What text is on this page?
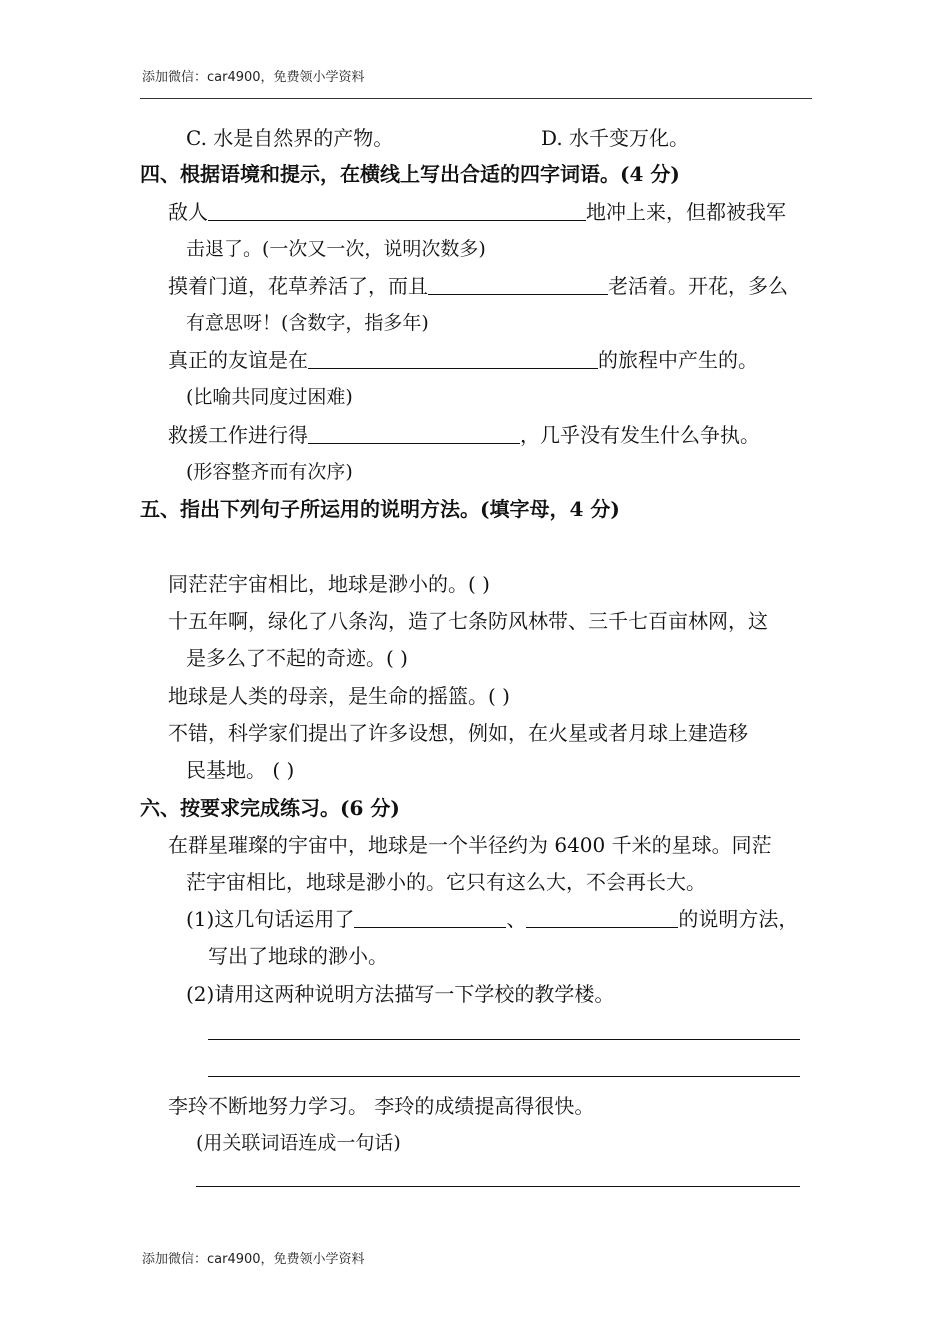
添加微信：car4900，免费领小学资料
C. 水是自然界的产物。	D. 水千变万化。
四、根据语境和提示，在横线上写出合适的四字词语。(4 分)
敌人	地冲上来，但都被我军
击退了。(一次又一次，说明次数多)
摸着门道，花草养活了，而且	老活着。开花，多么
有意思呀！(含数字，指多年)
真正的友谊是在	的旅程中产生的。
(比喻共同度过困难)
救援工作进行得	，几乎没有发生什么争执。
(形容整齐而有次序)
五、指出下列句子所运用的说明方法。(填字母，4 分)
同茫茫宇宙相比，地球是渺小的。( )
十五年啊，绿化了八条沟，造了七条防风林带、三千七百亩林网，这
是多么了不起的奇迹。( )
地球是人类的母亲，是生命的摇篮。( )
不错，科学家们提出了许多设想，例如，在火星或者月球上建造移
民基地。 ( )
六、按要求完成练习。(6 分)
在群星璀璨的宇宙中，地球是一个半径约为 6400 千米的星球。同茫
茫宇宙相比，地球是渺小的。它只有这么大，不会再长大。
(1)这几句话运用了	、	的说明方法，
写出了地球的渺小。
(2)请用这两种说明方法描写一下学校的教学楼。
李玲不断地努力学习。 李玲的成绩提高得很快。
(用关联词语连成一句话)
添加微信：car4900，免费领小学资料
